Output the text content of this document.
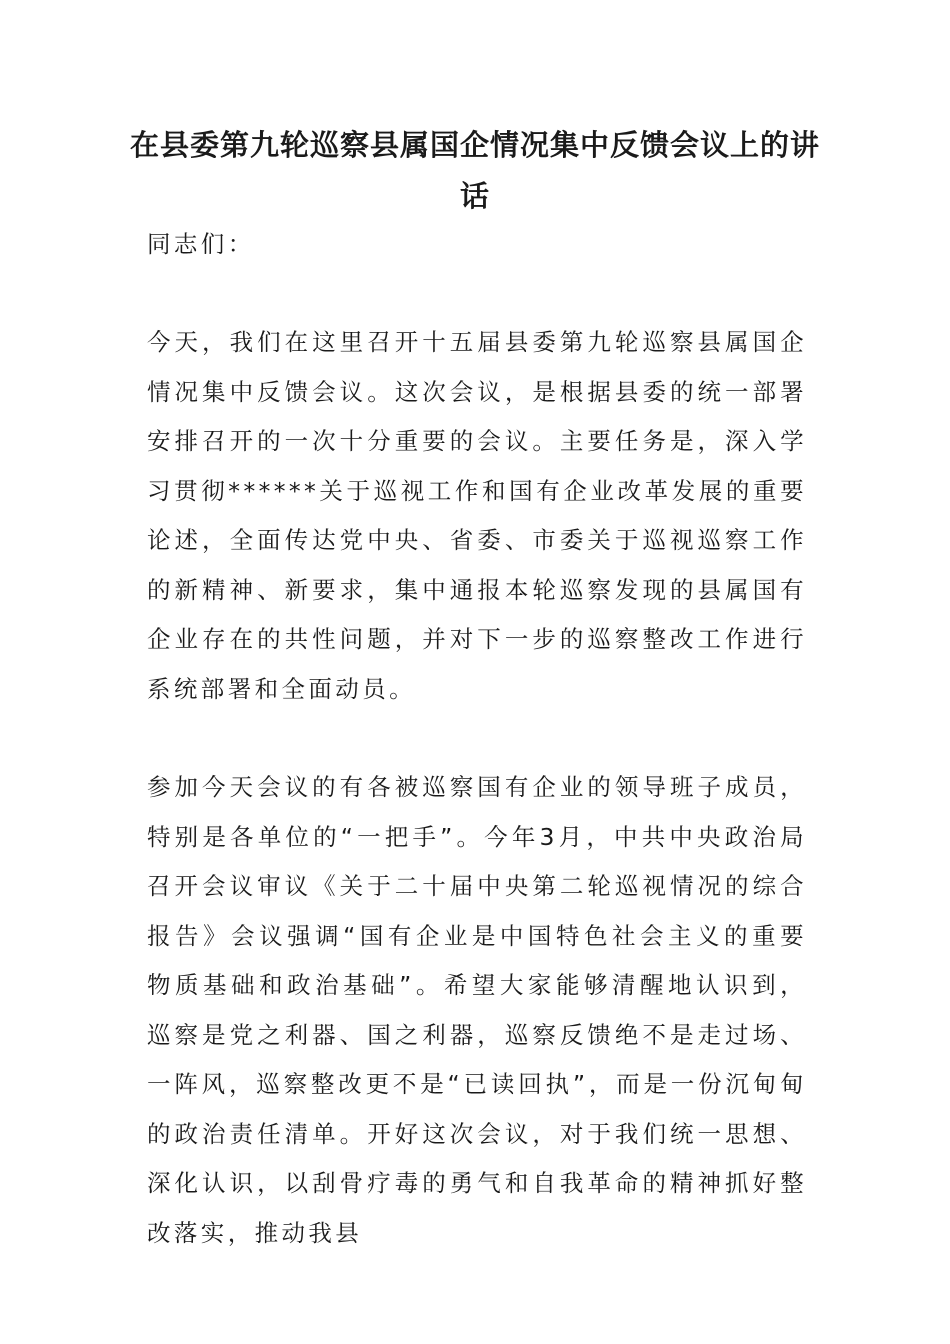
在县委第九轮巡察县属国企情况集中反馈会议上的讲话

同志们：

今天，我们在这里召开十五届县委第九轮巡察县属国企情况集中反馈会议。这次会议，是根据县委的统一部署安排召开的一次十分重要的会议。主要任务是，深入学习贯彻******关于巡视工作和国有企业改革发展的重要论述，全面传达党中央、省委、市委关于巡视巡察工作的新精神、新要求，集中通报本轮巡察发现的县属国有企业存在的共性问题，并对下一步的巡察整改工作进行系统部署和全面动员。

参加今天会议的有各被巡察国有企业的领导班子成员，特别是各单位的“一把手”。今年3月，中共中央政治局召开会议审议《关于二十届中央第二轮巡视情况的综合报告》会议强调“国有企业是中国特色社会主义的重要物质基础和政治基础”。希望大家能够清醒地认识到，巡察是党之利器、国之利器，巡察反馈绝不是走过场、一阵风，巡察整改更不是“已读回执”，而是一份沉甸甸的政治责任清单。开好这次会议，对于我们统一思想、深化认识，以刮骨疗毒的勇气和自我革命的精神抓好整改落实，推动我县
